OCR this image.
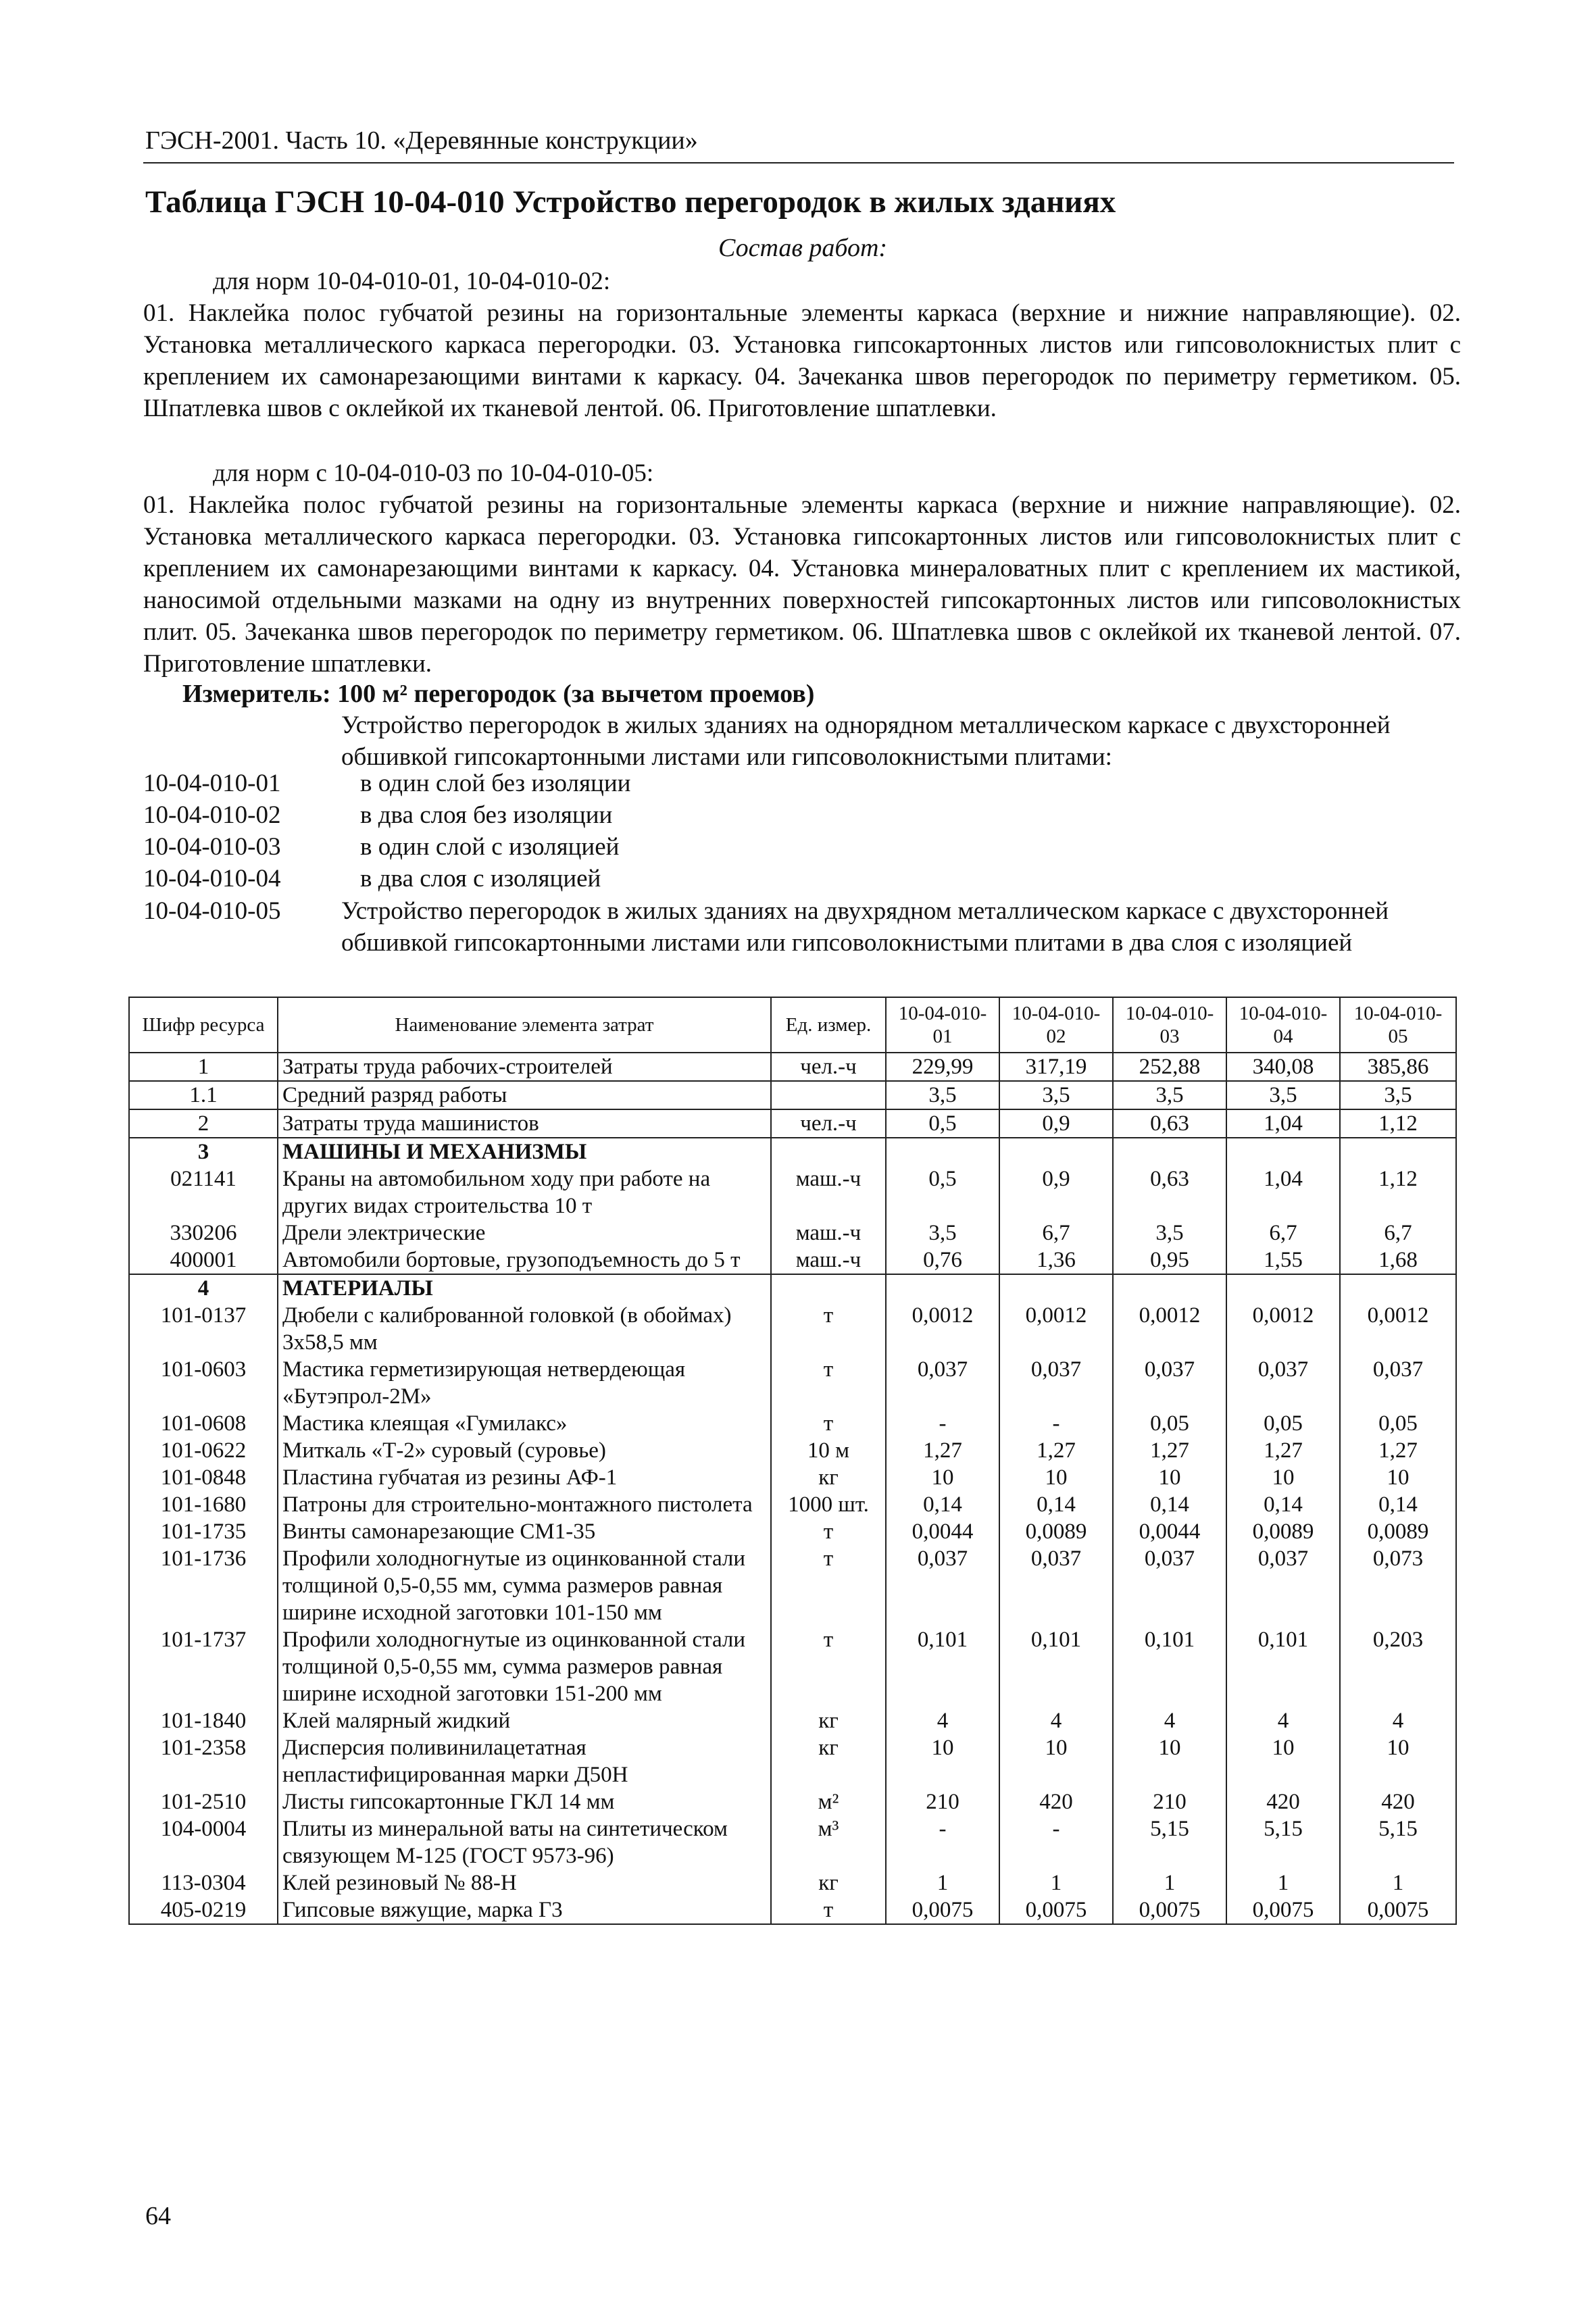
ГЭСН-2001. Часть 10. «Деревянные конструкции»
Таблица ГЭСН 10-04-010 Устройство перегородок в жилых зданиях
Состав работ:
для норм 10-04-010-01, 10-04-010-02:
01. Наклейка полос губчатой резины на горизонтальные элементы каркаса (верхние и нижние направляющие). 02. Установка металлического каркаса перегородки. 03. Установка гипсокартонных листов или гипсоволокнистых плит с креплением их самонарезающими винтами к каркасу. 04. Зачеканка швов перегородок по периметру герметиком. 05. Шпатлевка швов с оклейкой их тканевой лентой. 06. Приготовление шпатлевки.
для норм с 10-04-010-03 по 10-04-010-05:
01. Наклейка полос губчатой резины на горизонтальные элементы каркаса (верхние и нижние направляющие). 02. Установка металлического каркаса перегородки. 03. Установка гипсокартонных листов или гипсоволокнистых плит с креплением их самонарезающими винтами к каркасу. 04. Установка минераловатных плит с креплением их мастикой, наносимой отдельными мазками на одну из внутренних поверхностей гипсокартонных листов или гипсоволокнистых плит. 05. Зачеканка швов перегородок по периметру герметиком. 06. Шпатлевка швов с оклейкой их тканевой лентой. 07. Приготовление шпатлевки.
Измеритель: 100 м² перегородок (за вычетом проемов)
Устройство перегородок в жилых зданиях на однорядном металлическом каркасе с двухсторонней обшивкой гипсокартонными листами или гипсоволокнистыми плитами:
10-04-010-01	в один слой без изоляции
10-04-010-02	в два слоя без изоляции
10-04-010-03	в один слой с изоляцией
10-04-010-04	в два слоя с изоляцией
10-04-010-05 Устройство перегородок в жилых зданиях на двухрядном металлическом каркасе с двухсторонней обшивкой гипсокартонными листами или гипсоволокнистыми плитами в два слоя с изоляцией
Шифр ресурса	Наименование элемента затрат	Ед. измер.	10-04-010-01	10-04-010-02	10-04-010-03	10-04-010-04	10-04-010-05
1	Затраты труда рабочих-строителей	чел.-ч	229,99	317,19	252,88	340,08	385,86
1.1	Средний разряд работы		3,5	3,5	3,5	3,5	3,5
2	Затраты труда машинистов	чел.-ч	0,5	0,9	0,63	1,04	1,12
3	МАШИНЫ И МЕХАНИЗМЫ						
021141	Краны на автомобильном ходу при работе на других видах строительства 10 т	маш.-ч	0,5	0,9	0,63	1,04	1,12
330206	Дрели электрические	маш.-ч	3,5	6,7	3,5	6,7	6,7
400001	Автомобили бортовые, грузоподъемность до 5 т	маш.-ч	0,76	1,36	0,95	1,55	1,68
4	МАТЕРИАЛЫ						
101-0137	Дюбели с калиброванной головкой (в обоймах) 3х58,5 мм	т	0,0012	0,0012	0,0012	0,0012	0,0012
101-0603	Мастика герметизирующая нетвердеющая «Бутэпрол-2М»	т	0,037	0,037	0,037	0,037	0,037
101-0608	Мастика клеящая «Гумилакс»	т	-	-	0,05	0,05	0,05
101-0622	Миткаль «Т-2» суровый (суровье)	10 м	1,27	1,27	1,27	1,27	1,27
101-0848	Пластина губчатая из резины АФ-1	кг	10	10	10	10	10
101-1680	Патроны для строительно-монтажного пистолета	1000 шт.	0,14	0,14	0,14	0,14	0,14
101-1735	Винты самонарезающие СМ1-35	т	0,0044	0,0089	0,0044	0,0089	0,0089
101-1736	Профили холодногнутые из оцинкованной стали толщиной 0,5-0,55 мм, сумма размеров равная ширине исходной заготовки 101-150 мм	т	0,037	0,037	0,037	0,037	0,073
101-1737	Профили холодногнутые из оцинкованной стали толщиной 0,5-0,55 мм, сумма размеров равная ширине исходной заготовки 151-200 мм	т	0,101	0,101	0,101	0,101	0,203
101-1840	Клей малярный жидкий	кг	4	4	4	4	4
101-2358	Дисперсия поливинилацетатная непластифицированная марки Д50Н	кг	10	10	10	10	10
101-2510	Листы гипсокартонные ГКЛ 14 мм	м²	210	420	210	420	420
104-0004	Плиты из минеральной ваты на синтетическом связующем М-125 (ГОСТ 9573-96)	м³	-	-	5,15	5,15	5,15
113-0304	Клей резиновый № 88-Н	кг	1	1	1	1	1
405-0219	Гипсовые вяжущие, марка Г3	т	0,0075	0,0075	0,0075	0,0075	0,0075
64
